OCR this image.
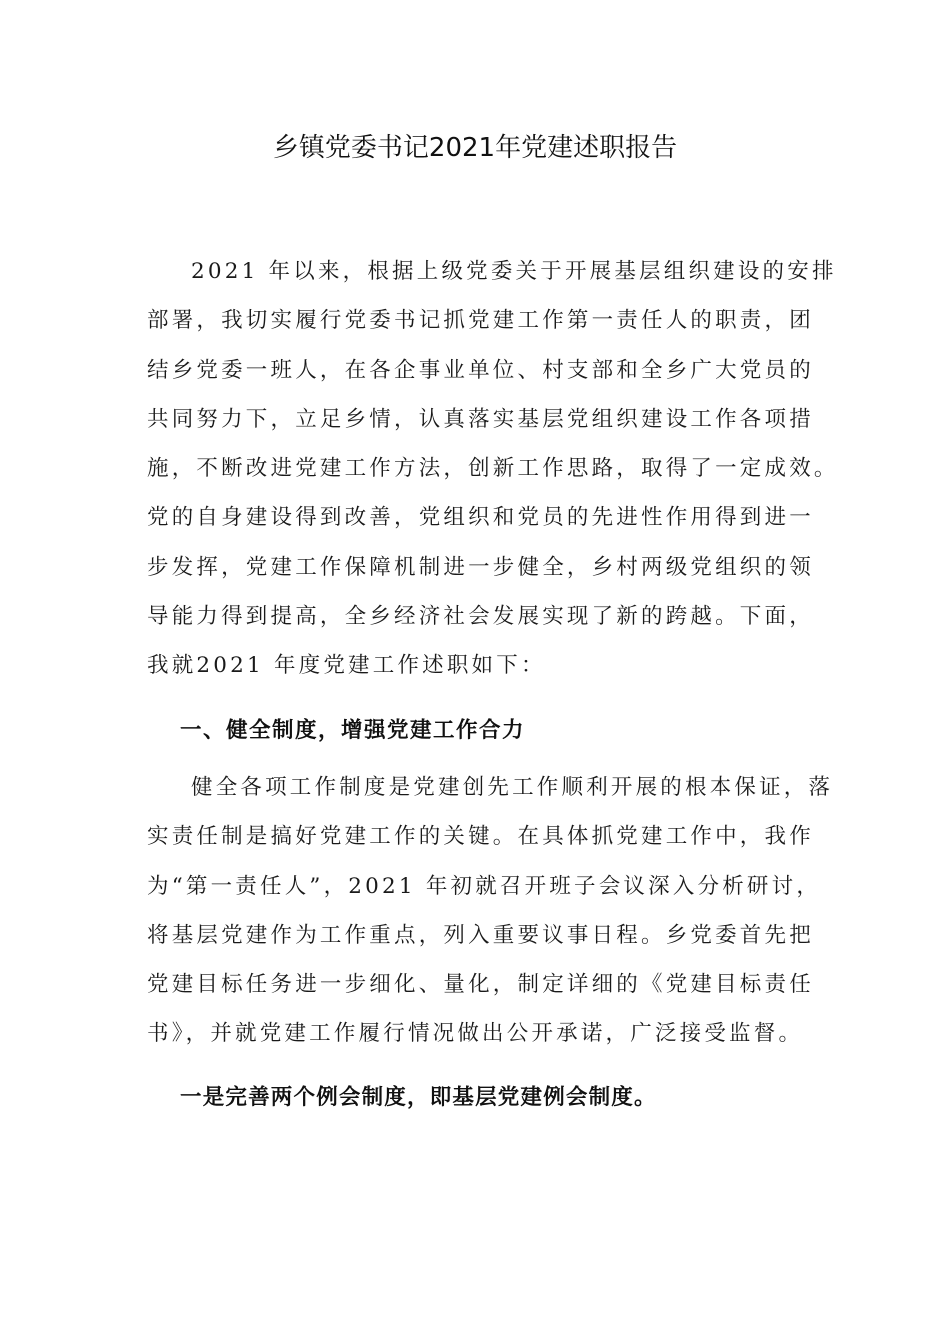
乡镇党委书记2021年党建述职报告
2021 年以来，根据上级党委关于开展基层组织建设的安排
部署，我切实履行党委书记抓党建工作第一责任人的职责，团
结乡党委一班人，在各企事业单位、村支部和全乡广大党员的
共同努力下，立足乡情，认真落实基层党组织建设工作各项措
施，不断改进党建工作方法，创新工作思路，取得了一定成效。
党的自身建设得到改善，党组织和党员的先进性作用得到进一
步发挥，党建工作保障机制进一步健全，乡村两级党组织的领
导能力得到提高，全乡经济社会发展实现了新的跨越。下面，
我就2021 年度党建工作述职如下：
一、健全制度，增强党建工作合力
健全各项工作制度是党建创先工作顺利开展的根本保证，落
实责任制是搞好党建工作的关键。在具体抓党建工作中，我作
为“第一责任人”，2021 年初就召开班子会议深入分析研讨，
将基层党建作为工作重点，列入重要议事日程。乡党委首先把
党建目标任务进一步细化、量化，制定详细的《党建目标责任
书》，并就党建工作履行情况做出公开承诺，广泛接受监督。
一是完善两个例会制度，即基层党建例会制度。
